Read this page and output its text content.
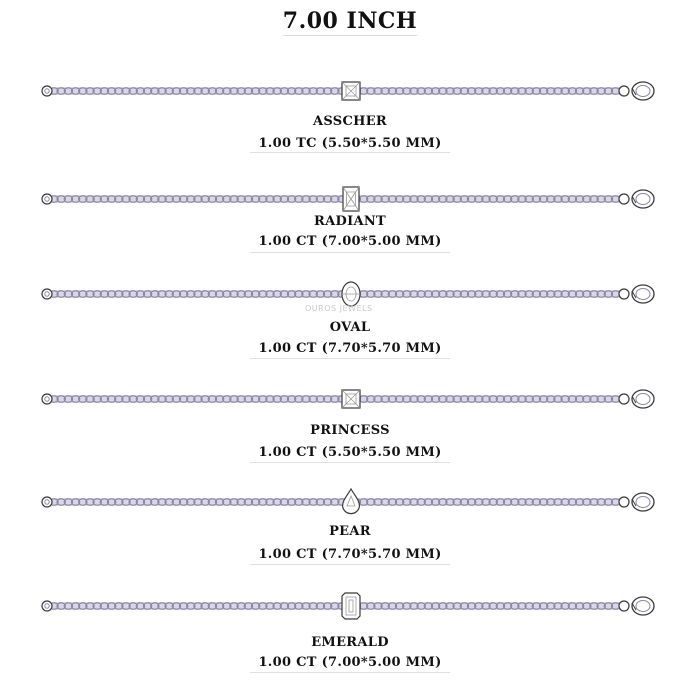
7.00 INCH
ASSCHER
1.00 TC (5.50*5.50 MM)
RADIANT
1.00 CT (7.00*5.00 MM)
OVAL
1.00 CT (7.70*5.70 MM)
OUROS JEWELS
PRINCESS
1.00 CT (5.50*5.50 MM)
PEAR
1.00 CT (7.70*5.70 MM)
EMERALD
1.00 CT (7.00*5.00 MM)
